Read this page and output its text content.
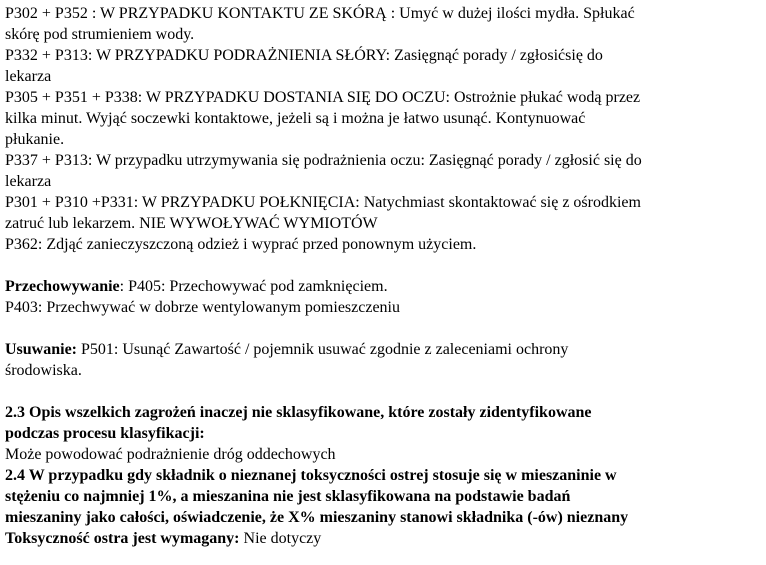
P302 + P352 : W PRZYPADKU KONTAKTU ZE SKÓRĄ : Umyć w dużej ilości mydła. Spłukać
skórę pod strumieniem wody.
P332 + P313: W PRZYPADKU PODRAŻNIENIA SŁÓRY: Zasięgnąć porady / zgłosićsię do
lekarza
P305 + P351 + P338: W PRZYPADKU DOSTANIA SIĘ DO OCZU: Ostrożnie płukać wodą przez
kilka minut. Wyjąć soczewki kontaktowe, jeżeli są i można je łatwo usunąć. Kontynuować
płukanie.
P337 + P313: W przypadku utrzymywania się podrażnienia oczu: Zasięgnąć porady / zgłosić się do
lekarza
P301 + P310 +P331: W PRZYPADKU POŁKNIĘCIA: Natychmiast skontaktować się z ośrodkiem
zatruć lub lekarzem. NIE WYWOŁYWAĆ WYMIOTÓW
P362: Zdjąć zanieczyszczoną odzież i wyprać przed ponownym użyciem.
Przechowywanie: P405: Przechowywać pod zamknięciem.
P403: Przechwywać w dobrze wentylowanym pomieszczeniu
Usuwanie: P501: Usunąć Zawartość / pojemnik usuwać zgodnie z zaleceniami ochrony
środowiska.
2.3 Opis wszelkich zagrożeń inaczej nie sklasyfikowane, które zostały zidentyfikowane
podczas procesu klasyfikacji:
Może powodować podrażnienie dróg oddechowych
2.4 W przypadku gdy składnik o nieznanej toksyczności ostrej stosuje się w mieszaninie w
stężeniu co najmniej 1%, a mieszanina nie jest sklasyfikowana na podstawie badań
mieszaniny jako całości, oświadczenie, że X% mieszaniny stanowi składnika (-ów) nieznany
Toksyczność ostra jest wymagany: Nie dotyczy
